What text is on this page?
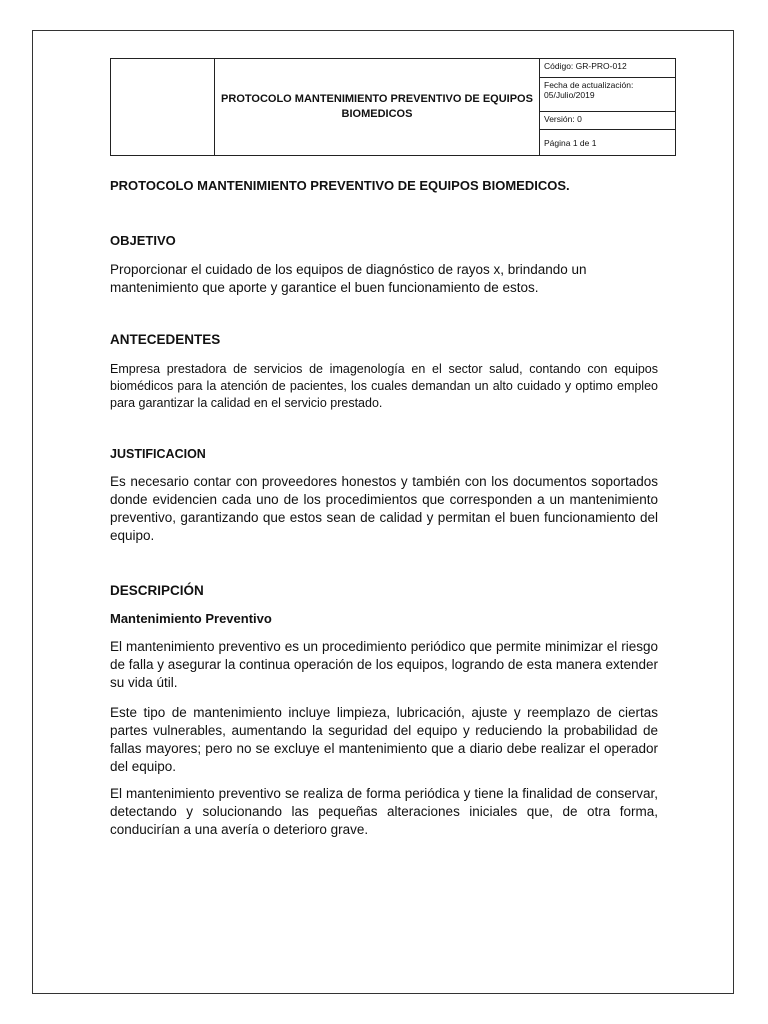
	PROTOCOLO MANTENIMIENTO PREVENTIVO DE EQUIPOS BIOMEDICOS	Código: GR-PRO-012

Fecha de actualización:
05/Julio/2019

Versión: 0
Página 1 de 1
PROTOCOLO MANTENIMIENTO PREVENTIVO DE EQUIPOS BIOMEDICOS.
OBJETIVO

Proporcionar el cuidado de los equipos de diagnóstico de rayos x, brindando un mantenimiento que aporte y garantice el buen funcionamiento de estos.

ANTECEDENTES

Empresa prestadora de servicios de imagenología en el sector salud, contando con equipos biomédicos para la atención de pacientes, los cuales demandan un alto cuidado y optimo empleo para garantizar la calidad en el servicio prestado.

JUSTIFICACION

Es necesario contar con proveedores honestos y también con los documentos soportados donde evidencien cada uno de los procedimientos que corresponden a un mantenimiento preventivo, garantizando que estos sean de calidad y permitan el buen funcionamiento del equipo.

DESCRIPCIÓN
Mantenimiento Preventivo

El mantenimiento preventivo es un procedimiento periódico que permite minimizar el riesgo de falla y asegurar la continua operación de los equipos, logrando de esta manera extender su vida útil.

Este tipo de mantenimiento incluye limpieza, lubricación, ajuste y reemplazo de ciertas partes vulnerables, aumentando la seguridad del equipo y reduciendo la probabilidad de fallas mayores; pero no se excluye el mantenimiento que a diario debe realizar el operador del equipo.

El mantenimiento preventivo se realiza de forma periódica y tiene la finalidad de conservar, detectando y solucionando las pequeñas alteraciones iniciales que, de otra forma, conducirían a una avería o deterioro grave.
